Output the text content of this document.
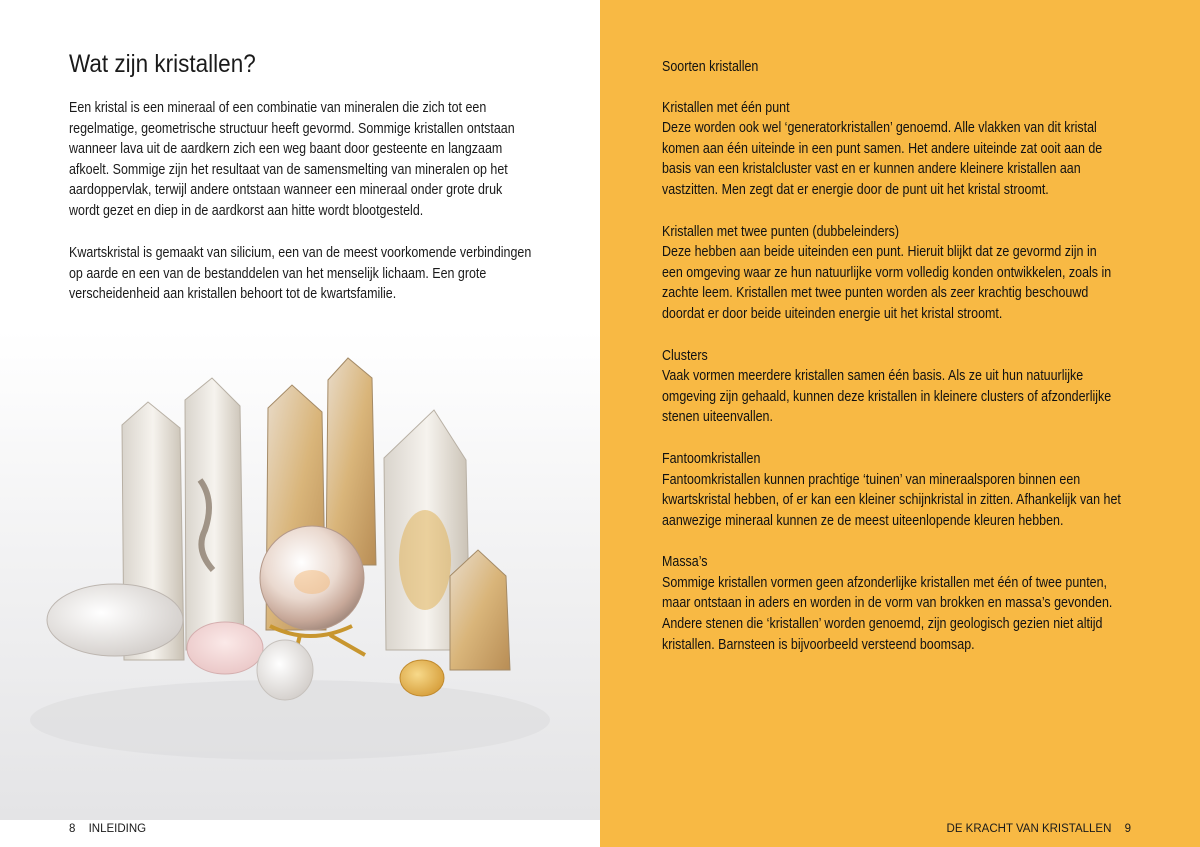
Wat zijn kristallen?

Een kristal is een mineraal of een combinatie van mineralen die zich tot een
regelmatige, geometrische structuur heeft gevormd. Sommige kristallen ontstaan
wanneer lava uit de aardkern zich een weg baant door gesteente en langzaam
afkoelt. Sommige zijn het resultaat van de samensmelting van mineralen op het
aardoppervlak, terwijl andere ontstaan wanneer een mineraal onder grote druk
wordt gezet en diep in de aardkorst aan hitte wordt blootgesteld.

Kwartskristal is gemaakt van silicium, een van de meest voorkomende verbindingen
op aarde en een van de bestanddelen van het menselijk lichaam. Een grote
verscheidenheid aan kristallen behoort tot de kwartsfamilie.

8 INLEIDING
Soorten kristallen
Kristallen met één punt
Deze worden ook wel ‘generatorkristallen’ genoemd. Alle vlakken van dit kristal
komen aan één uiteinde in een punt samen. Het andere uiteinde zat ooit aan de
basis van een kristalcluster vast en er kunnen andere kleinere kristallen aan
vastzitten. Men zegt dat er energie door de punt uit het kristal stroomt.
Kristallen met twee punten (dubbeleinders)
Deze hebben aan beide uiteinden een punt. Hieruit blijkt dat ze gevormd zijn in
een omgeving waar ze hun natuurlijke vorm volledig konden ontwikkelen, zoals in
zachte leem. Kristallen met twee punten worden als zeer krachtig beschouwd
doordat er door beide uiteinden energie uit het kristal stroomt.
Clusters
Vaak vormen meerdere kristallen samen één basis. Als ze uit hun natuurlijke
omgeving zijn gehaald, kunnen deze kristallen in kleinere clusters of afzonderlijke
stenen uiteenvallen.
Fantoomkristallen
Fantoomkristallen kunnen prachtige ‘tuinen’ van mineraalsporen binnen een
kwartskristal hebben, of er kan een kleiner schijnkristal in zitten. Afhankelijk van het
aanwezige mineraal kunnen ze de meest uiteenlopende kleuren hebben.
Massa’s
Sommige kristallen vormen geen afzonderlijke kristallen met één of twee punten,
maar ontstaan in aders en worden in de vorm van brokken en massa’s gevonden.
Andere stenen die ‘kristallen’ worden genoemd, zijn geologisch gezien niet altijd
kristallen. Barnsteen is bijvoorbeeld versteend boomsap.
DE KRACHT VAN KRISTALLEN 9
